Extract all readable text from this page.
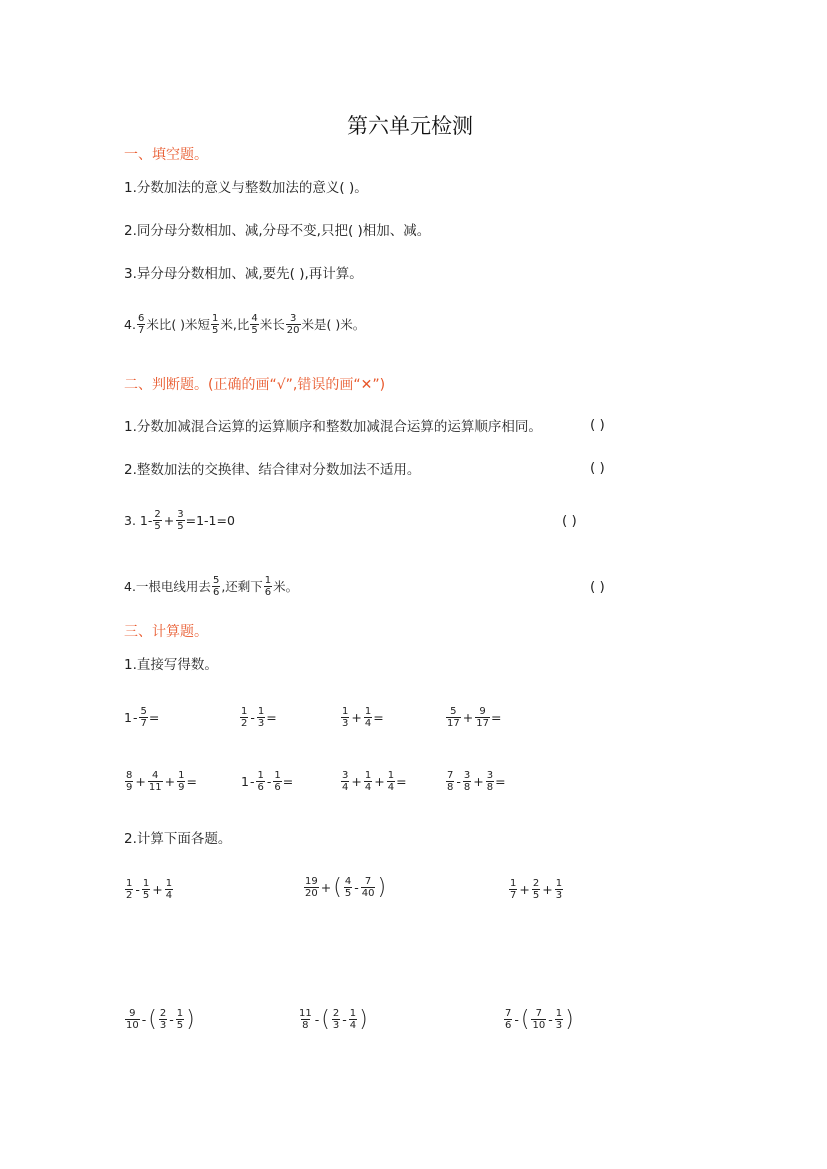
第六单元检测
一、填空题。
1.分数加法的意义与整数加法的意义( )。
2.同分母分数相加、减,分母不变,只把( )相加、减。
3.异分母分数相加、减,要先( ),再计算。
4. $\frac{6}{7}$ 米比( )米短 $\frac{1}{5}$ 米,比 $\frac{4}{5}$ 米长 $\frac{3}{20}$ 米是( )米。
二、判断题。(正确的画“√”,错误的画“✕”)
1.分数加减混合运算的运算顺序和整数加减混合运算的运算顺序相同。	( )
2.整数加法的交换律、结合律对分数加法不适用。	( )
3. $1- \frac{2}{5} + \frac{3}{5} =1-1=0$	( )
4.一根电线用去 $\frac{5}{6}$ ,还剩下 $\frac{1}{6}$ 米。	( )
三、计算题。
1.直接写得数。
$1 - \frac{5}{7}$ =	$\frac{1}{2} - \frac{1}{3}$ =	$\frac{1}{3} + \frac{1}{4}$ =	$\frac{5}{17} + \frac{9}{17}$ =
$\frac{8}{9} + \frac{4}{11} + \frac{1}{9}$ =	$1 - \frac{1}{6} - \frac{1}{6}$ =	$\frac{3}{4} + \frac{1}{4} + \frac{1}{4}$ =	$\frac{7}{8} - \frac{3}{8} + \frac{3}{8}$ =
2.计算下面各题。
$\frac{1}{2} - \frac{1}{5} + \frac{1}{4}$	$\frac{19}{20}$ + ( $\frac{4}{5} - \frac{7}{40}$ )	$\frac{1}{7} + \frac{2}{5} + \frac{1}{3}$
$\frac{9}{10}$ - ( $\frac{2}{3} - \frac{1}{5}$ )	$\frac{11}{8}$ - ( $\frac{2}{3} - \frac{1}{4}$ )	$\frac{7}{6}$ - ( $\frac{7}{10} - \frac{1}{3}$ )
